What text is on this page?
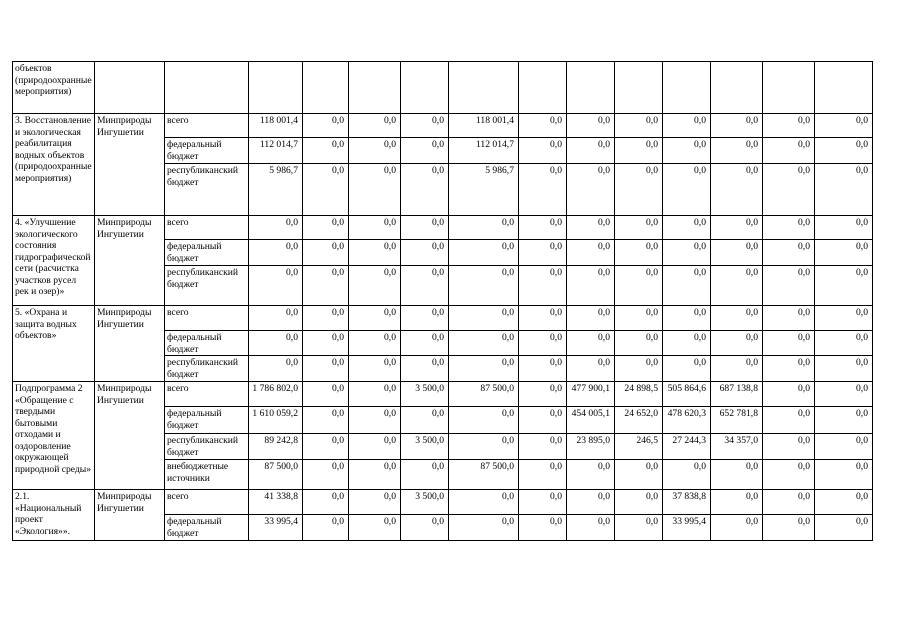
объектов (природоохранные мероприятия)														
3. Восстановление и экологическая реабилитация водных объектов (природоохранные мероприятия)	Минприроды Ингушетии	всего	118 001,4	0,0	0,0	0,0	118 001,4	0,0	0,0	0,0	0,0	0,0	0,0	0,0
		федеральный бюджет	112 014,7	0,0	0,0	0,0	112 014,7	0,0	0,0	0,0	0,0	0,0	0,0	0,0
		республиканский бюджет	5 986,7	0,0	0,0	0,0	5 986,7	0,0	0,0	0,0	0,0	0,0	0,0	0,0
4. «Улучшение экологического состояния гидрографической сети (расчистка участков русел рек и озер)»	Минприроды Ингушетии	всего	0,0	0,0	0,0	0,0	0,0	0,0	0,0	0,0	0,0	0,0	0,0	0,0
		федеральный бюджет	0,0	0,0	0,0	0,0	0,0	0,0	0,0	0,0	0,0	0,0	0,0	0,0
		республиканский бюджет	0,0	0,0	0,0	0,0	0,0	0,0	0,0	0,0	0,0	0,0	0,0	0,0
5. «Охрана и защита водных объектов»	Минприроды Ингушетии	всего	0,0	0,0	0,0	0,0	0,0	0,0	0,0	0,0	0,0	0,0	0,0	0,0
		федеральный бюджет	0,0	0,0	0,0	0,0	0,0	0,0	0,0	0,0	0,0	0,0	0,0	0,0
		республиканский бюджет	0,0	0,0	0,0	0,0	0,0	0,0	0,0	0,0	0,0	0,0	0,0	0,0
Подпрограмма 2 «Обращение с твердыми бытовыми отходами и оздоровление окружающей природной среды»	Минприроды Ингушетии	всего	1 786 802,0	0,0	0,0	3 500,0	87 500,0	0,0	477 900,1	24 898,5	505 864,6	687 138,8	0,0	0,0
		федеральный бюджет	1 610 059,2	0,0	0,0	0,0	0,0	0,0	454 005,1	24 652,0	478 620,3	652 781,8	0,0	0,0
		республиканский бюджет	89 242,8	0,0	0,0	3 500,0	0,0	0,0	23 895,0	246,5	27 244,3	34 357,0	0,0	0,0
		внебюджетные источники	87 500,0	0,0	0,0	0,0	87 500,0	0,0	0,0	0,0	0,0	0,0	0,0	0,0
2.1. «Национальный проект «Экология»».	Минприроды Ингушетии	всего	41 338,8	0,0	0,0	3 500,0	0,0	0,0	0,0	0,0	37 838,8	0,0	0,0	0,0
		федеральный бюджет	33 995,4	0,0	0,0	0,0	0,0	0,0	0,0	0,0	33 995,4	0,0	0,0	0,0
